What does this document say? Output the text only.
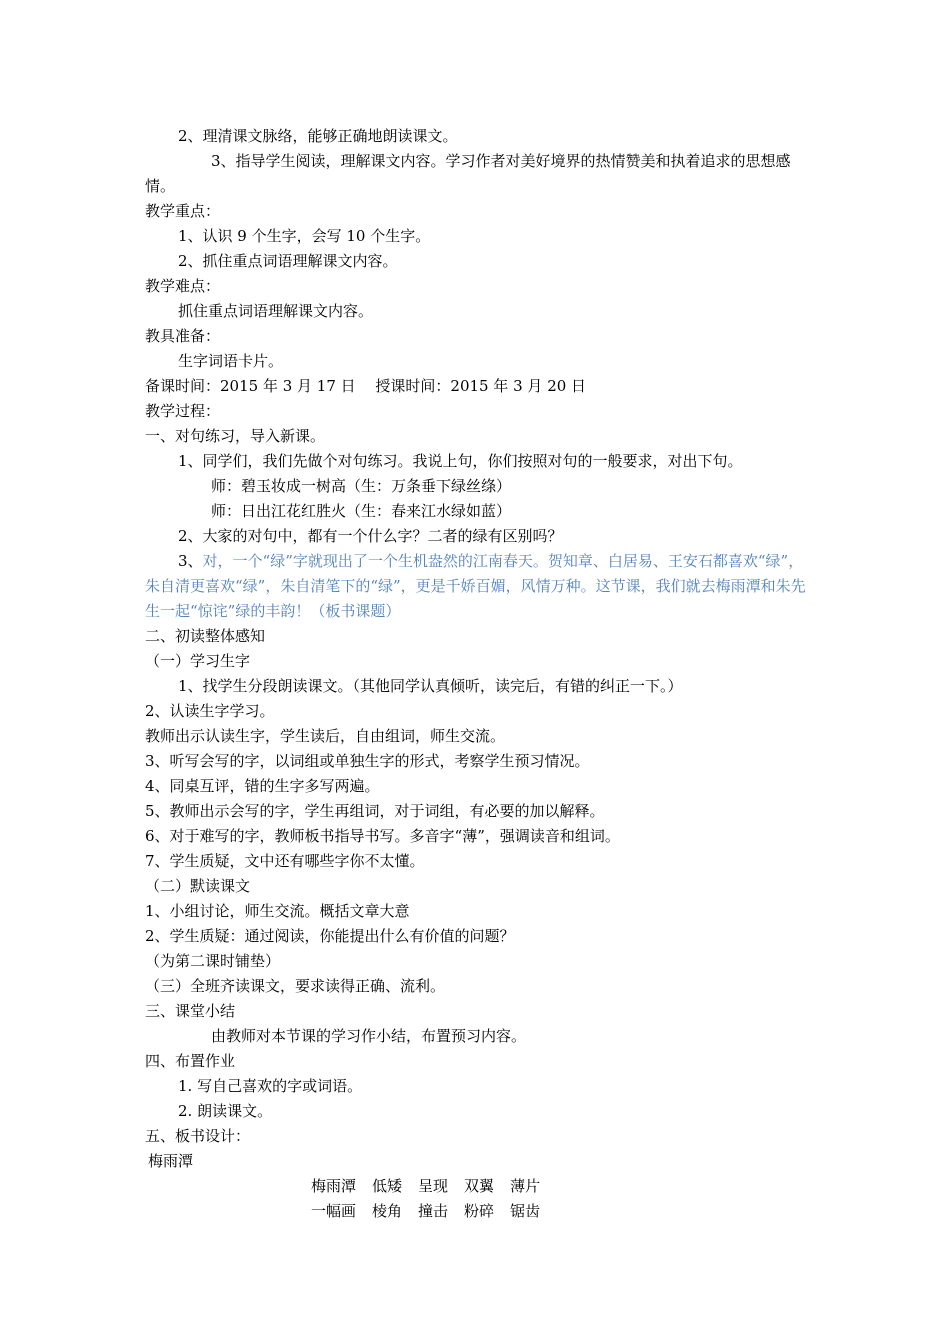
2、理清课文脉络，能够正确地朗读课文。
3、指导学生阅读，理解课文内容。学习作者对美好境界的热情赞美和执着追求的思想感情。
教学重点：
1、认识 9 个生字，会写 10 个生字。
2、抓住重点词语理解课文内容。
教学难点：
抓住重点词语理解课文内容。
教具准备：
生字词语卡片。
备课时间：2015 年 3 月 17 日　 授课时间：2015 年 3 月 20 日
教学过程：
一、对句练习，导入新课。
1、同学们，我们先做个对句练习。我说上句，你们按照对句的一般要求，对出下句。
师：碧玉妆成一树高（生：万条垂下绿丝绦）
师：日出江花红胜火（生：春来江水绿如蓝）
2、大家的对句中，都有一个什么字？二者的绿有区别吗？
3、对，一个“绿”字就现出了一个生机盎然的江南春天。贺知章、白居易、王安石都喜欢“绿”，朱自清更喜欢“绿”，朱自清笔下的“绿”，更是千娇百媚，风情万种。这节课，我们就去梅雨潭和朱先生一起“惊诧”绿的丰韵！（板书课题）
二、初读整体感知
（一）学习生字
1、找学生分段朗读课文。（其他同学认真倾听，读完后，有错的纠正一下。）
2、认读生字学习。
教师出示认读生字，学生读后，自由组词，师生交流。
3、听写会写的字，以词组或单独生字的形式，考察学生预习情况。
4、同桌互评，错的生字多写两遍。
5、教师出示会写的字，学生再组词，对于词组，有必要的加以解释。
6、对于难写的字，教师板书指导书写。多音字“薄”，强调读音和组词。
7、学生质疑，文中还有哪些字你不太懂。
（二）默读课文
1、小组讨论，师生交流。概括文章大意
2、学生质疑：通过阅读，你能提出什么有价值的问题？
（为第二课时铺垫）
（三）全班齐读课文，要求读得正确、流利。
三、课堂小结
由教师对本节课的学习作小结，布置预习内容。
四、布置作业
1. 写自己喜欢的字或词语。
2. 朗读课文。
五、板书设计：
梅雨潭
梅雨潭 低矮 呈现 双翼 薄片
一幅画 棱角 撞击 粉碎 锯齿
